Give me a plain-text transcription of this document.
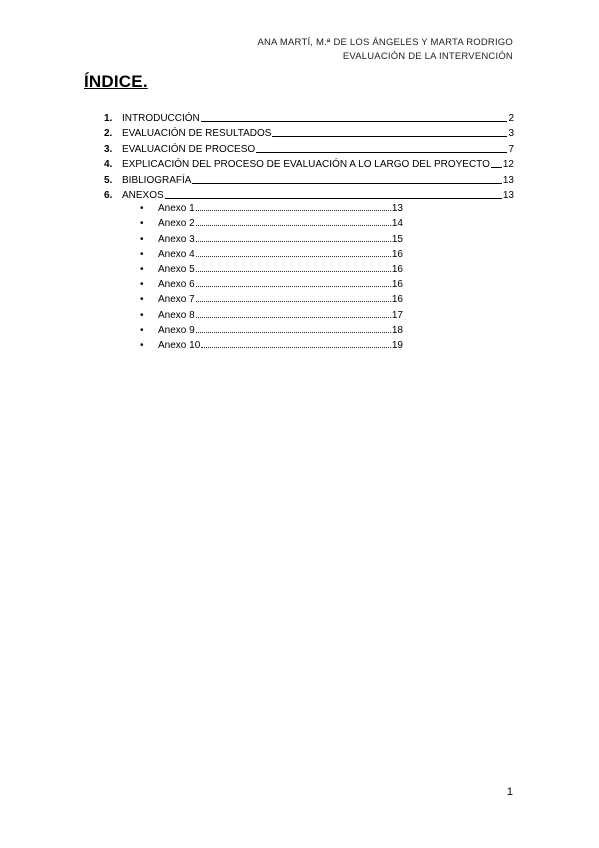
ANA MARTÍ, M.ª DE LOS ÁNGELES Y MARTA RODRIGO
EVALUACIÓN DE LA INTERVENCIÓN
ÍNDICE.
1. INTRODUCCIÓN	2
2. EVALUACIÓN DE RESULTADOS	3
3. EVALUACIÓN DE PROCESO	7
4. EXPLICACIÓN DEL PROCESO DE EVALUACIÓN A LO LARGO DEL PROYECTO 12
5. BIBLIOGRAFÍA	13
6. ANEXOS	13
•	Anexo 1	13
•	Anexo 2	14
•	Anexo 3	15
•	Anexo 4	16
•	Anexo 5	16
•	Anexo 6	16
•	Anexo 7	16
•	Anexo 8	17
•	Anexo 9	18
•	Anexo 10	19
1
